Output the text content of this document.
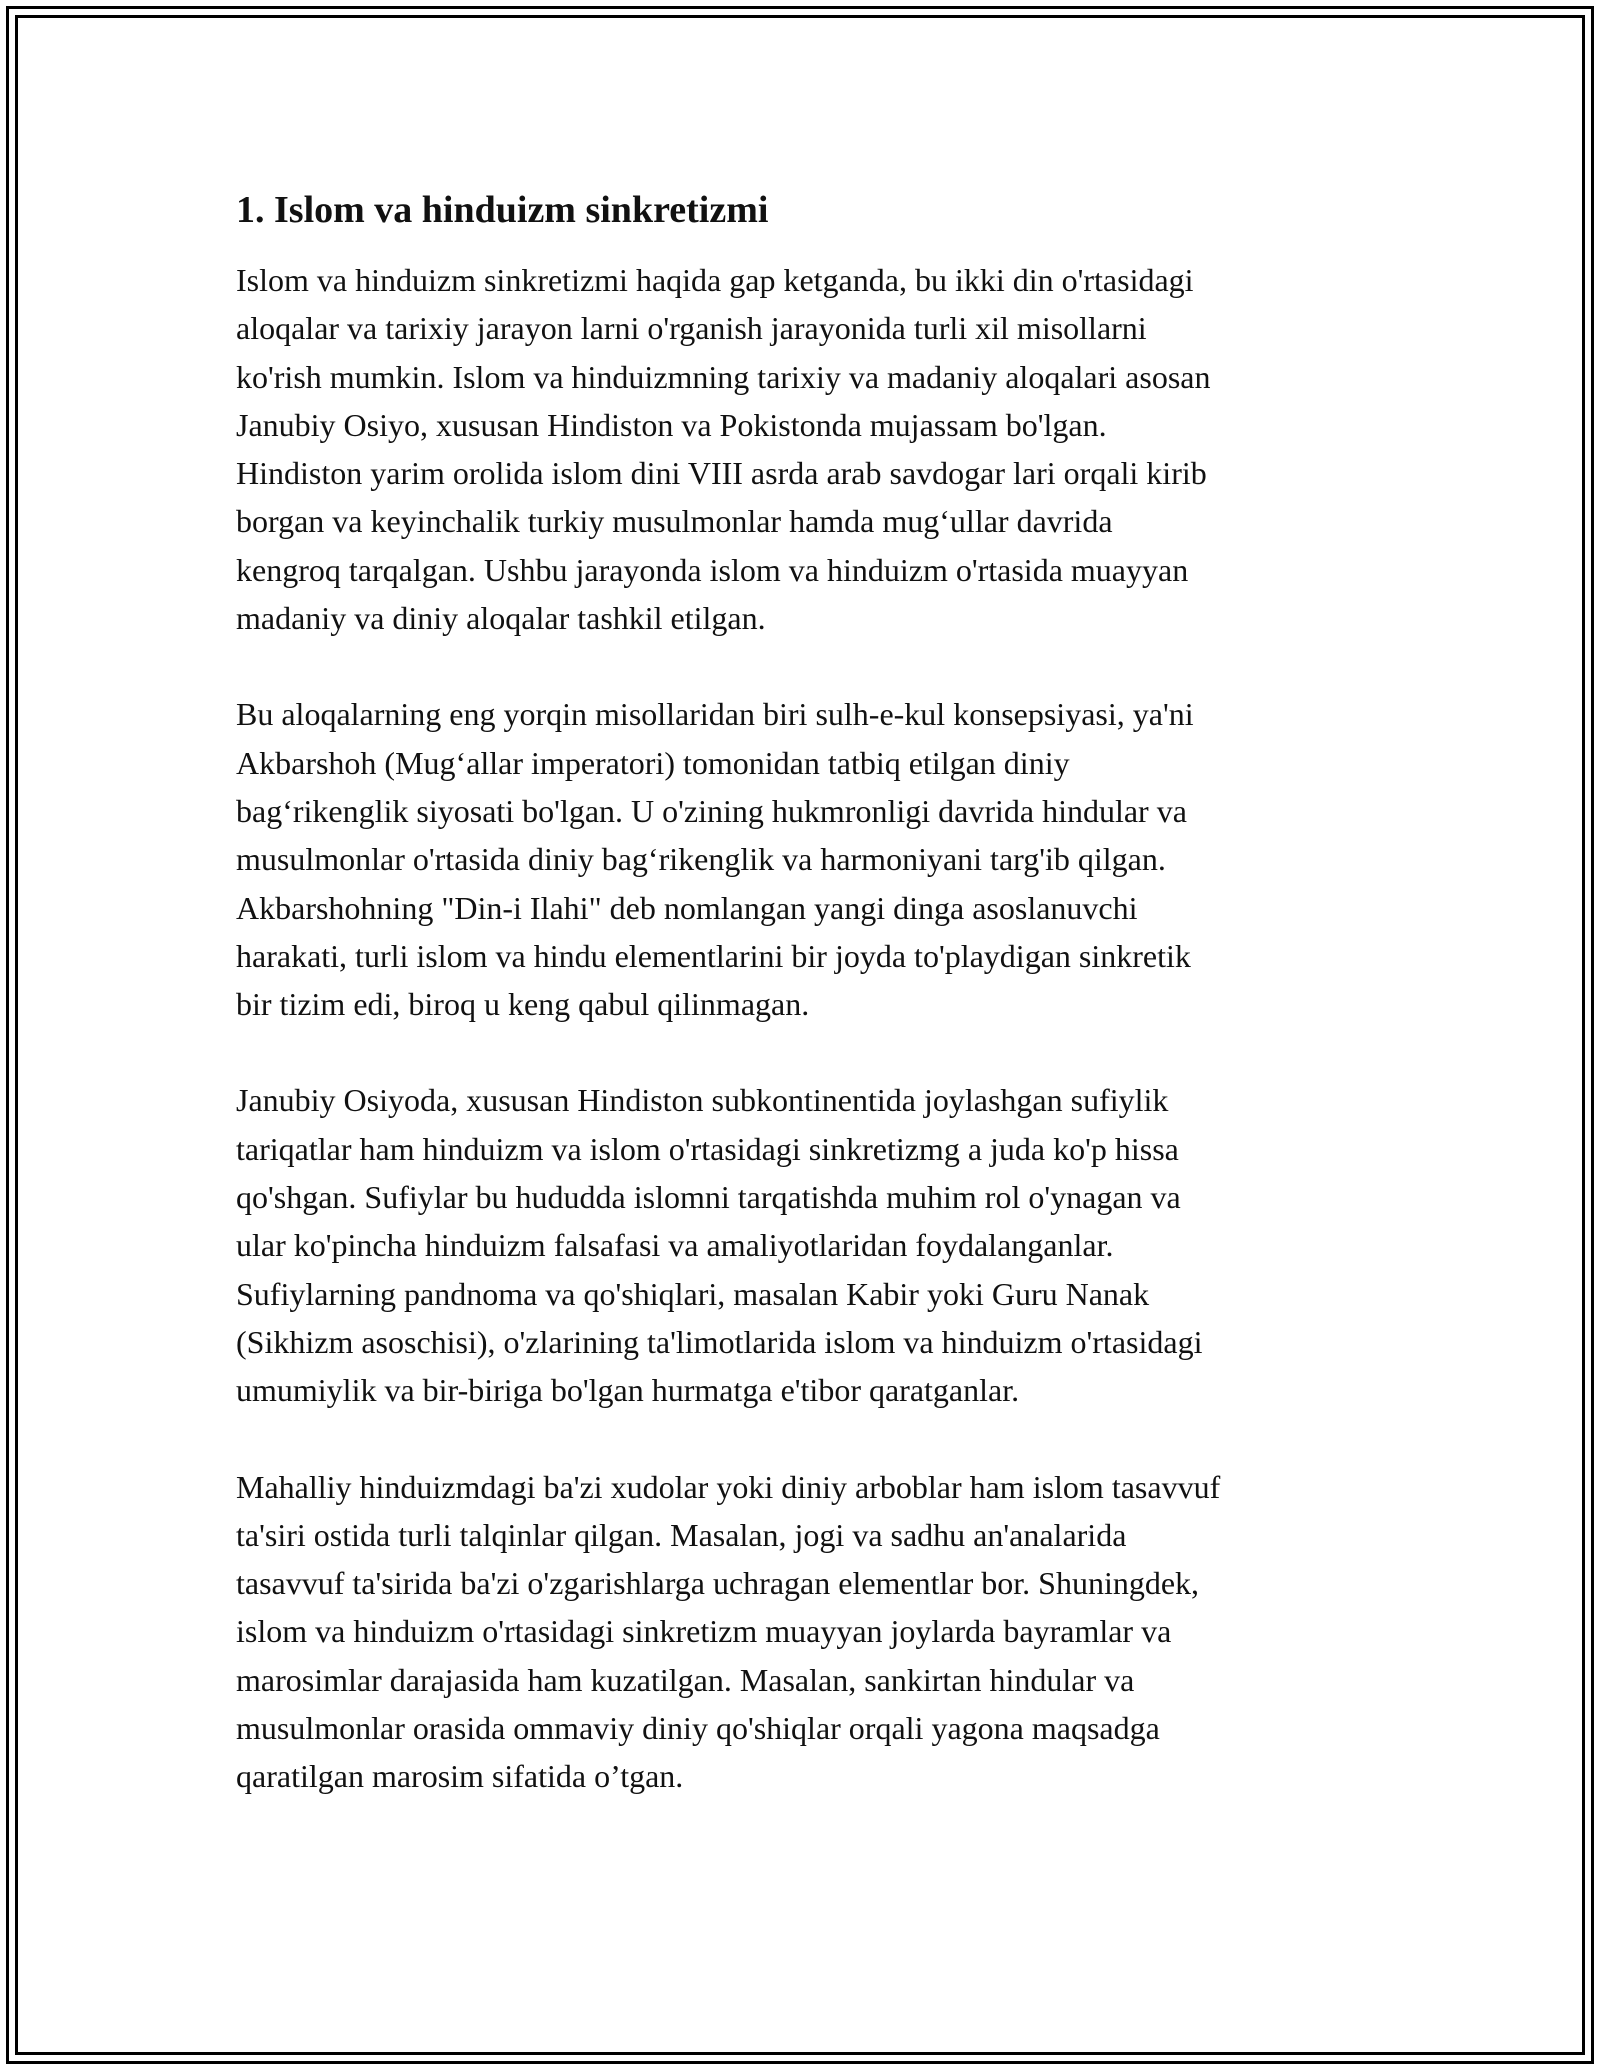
1. Islom va hinduizm sinkretizmi
Islom va hinduizm sinkretizmi haqida gap ketganda, bu ikki din o'rtasidagi
aloqalar va tarixiy jarayon larni o'rganish jarayonida turli xil misollarni
ko'rish mumkin. Islom va hinduizmning tarixiy va madaniy aloqalari asosan
Janubiy Osiyo, xususan Hindiston va Pokistonda mujassam bo'lgan.
Hindiston yarim orolida islom dini VIII asrda arab savdogar lari orqali kirib
borgan va keyinchalik turkiy musulmonlar hamda mug‘ullar davrida
kengroq tarqalgan. Ushbu jarayonda islom va hinduizm o'rtasida muayyan
madaniy va diniy aloqalar tashkil etilgan.
Bu aloqalarning eng yorqin misollaridan biri sulh-e-kul konsepsiyasi, ya'ni
Akbarshoh (Mug‘allar imperatori) tomonidan tatbiq etilgan diniy
bag‘rikenglik siyosati bo'lgan. U o'zining hukmronligi davrida hindular va
musulmonlar o'rtasida diniy bag‘rikenglik va harmoniyani targ'ib qilgan.
Akbarshohning "Din-i Ilahi" deb nomlangan yangi dinga asoslanuvchi
harakati, turli islom va hindu elementlarini bir joyda to'playdigan sinkretik
bir tizim edi, biroq u keng qabul qilinmagan.
Janubiy Osiyoda, xususan Hindiston subkontinentida joylashgan sufiylik
tariqatlar ham hinduizm va islom o'rtasidagi sinkretizmg a juda ko'p hissa
qo'shgan. Sufiylar bu hududda islomni tarqatishda muhim rol o'ynagan va
ular ko'pincha hinduizm falsafasi va amaliyotlaridan foydalanganlar.
Sufiylarning pandnoma va qo'shiqlari, masalan Kabir yoki Guru Nanak
(Sikhizm asoschisi), o'zlarining ta'limotlarida islom va hinduizm o'rtasidagi
umumiylik va bir-biriga bo'lgan hurmatga e'tibor qaratganlar.
Mahalliy hinduizmdagi ba'zi xudolar yoki diniy arboblar ham islom tasavvuf
ta'siri ostida turli talqinlar qilgan. Masalan, jogi va sadhu an'analarida
tasavvuf ta'sirida ba'zi o'zgarishlarga uchragan elementlar bor. Shuningdek,
islom va hinduizm o'rtasidagi sinkretizm muayyan joylarda bayramlar va
marosimlar darajasida ham kuzatilgan. Masalan, sankirtan hindular va
musulmonlar orasida ommaviy diniy qo'shiqlar orqali yagona maqsadga
qaratilgan marosim sifatida o’tgan.
